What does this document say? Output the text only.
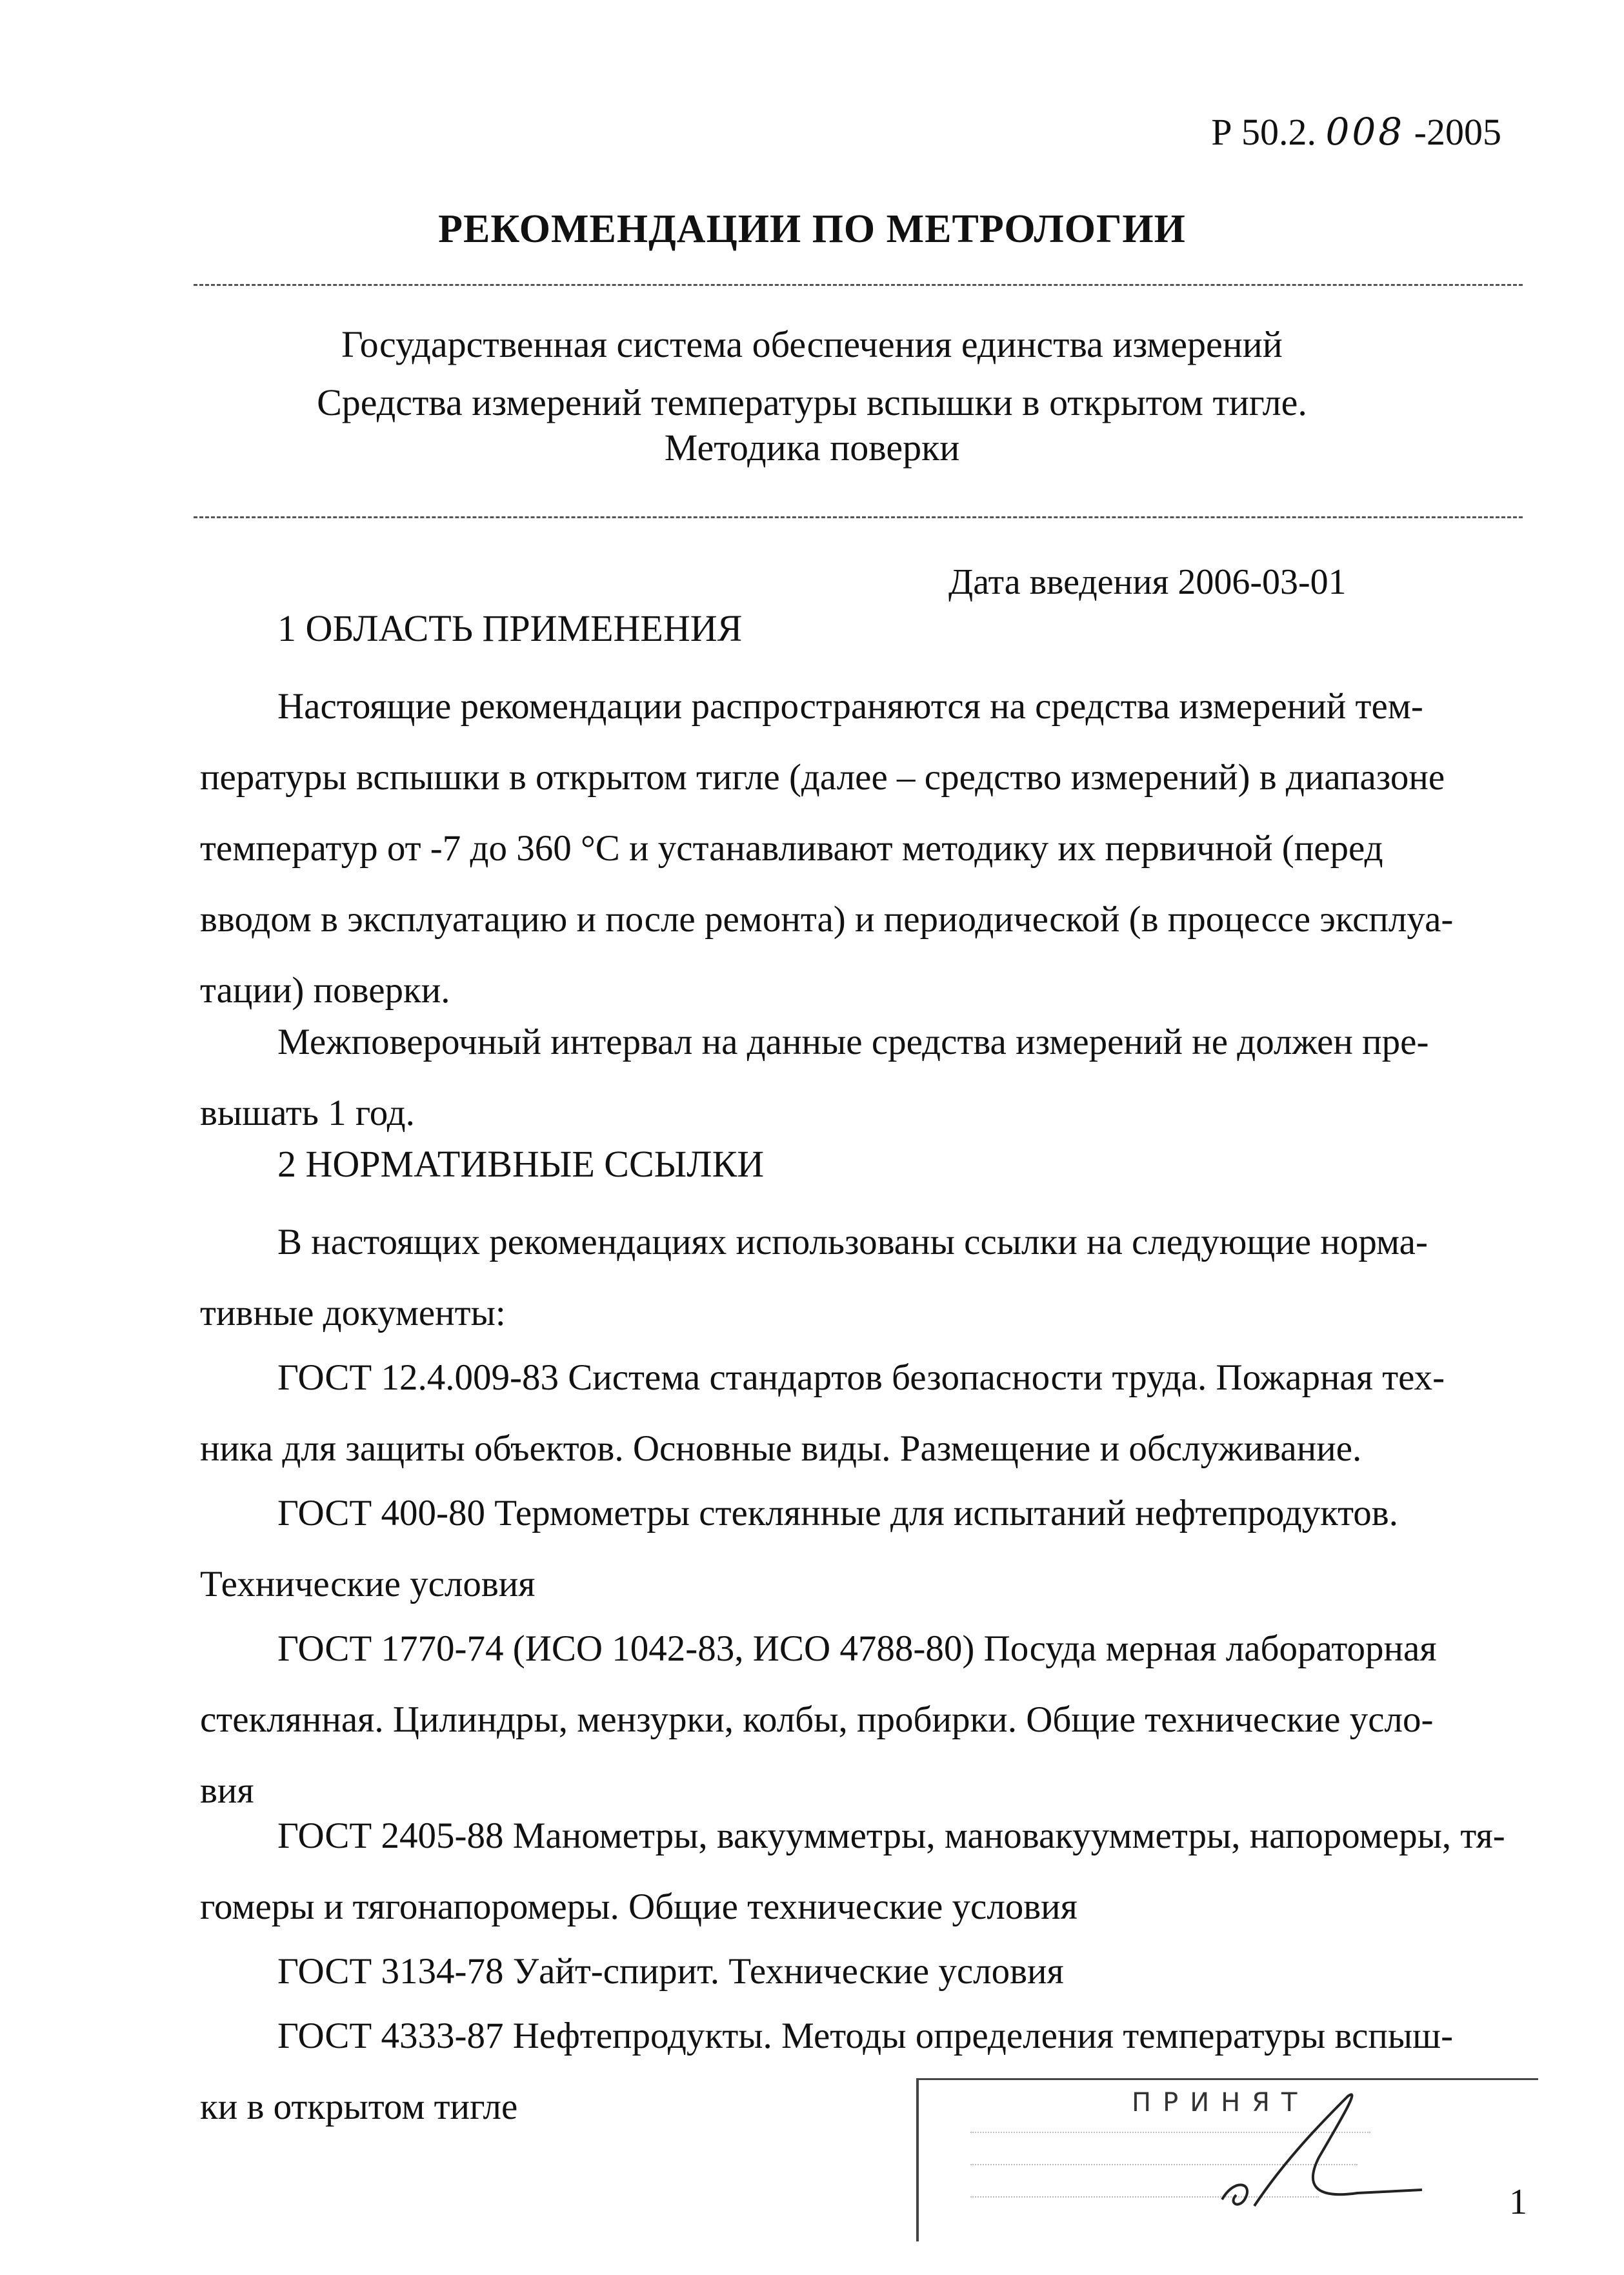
Р 50.2. 008 -2005
РЕКОМЕНДАЦИИ ПО МЕТРОЛОГИИ
Государственная система обеспечения единства измерений
Средства измерений температуры вспышки в открытом тигле.
Методика поверки
Дата введения 2006-03-01
1 ОБЛАСТЬ ПРИМЕНЕНИЯ
Настоящие рекомендации распространяются на средства измерений тем-
пературы вспышки в открытом тигле (далее – средство измерений) в диапазоне
температур от -7 до 360 °С и устанавливают методику их первичной (перед
вводом в эксплуатацию и после ремонта) и периодической (в процессе эксплуа-
тации) поверки.
Межповерочный интервал на данные средства измерений не должен пре-
вышать 1 год.
2 НОРМАТИВНЫЕ ССЫЛКИ
В настоящих рекомендациях использованы ссылки на следующие норма-
тивные документы:
ГОСТ 12.4.009-83 Система стандартов безопасности труда. Пожарная тех-
ника для защиты объектов. Основные виды. Размещение и обслуживание.
ГОСТ 400-80 Термометры стеклянные для испытаний нефтепродуктов.
Технические условия
ГОСТ 1770-74 (ИСО 1042-83, ИСО 4788-80) Посуда мерная лабораторная
стеклянная. Цилиндры, мензурки, колбы, пробирки. Общие технические усло-
вия
ГОСТ 2405-88 Манометры, вакуумметры, мановакуумметры, напоромеры, тя-
гомеры и тягонапоромеры. Общие технические условия
ГОСТ 3134-78 Уайт-спирит. Технические условия
ГОСТ 4333-87 Нефтепродукты. Методы определения температуры вспыш-
ки в открытом тигле	ПРИНЯТ
1
